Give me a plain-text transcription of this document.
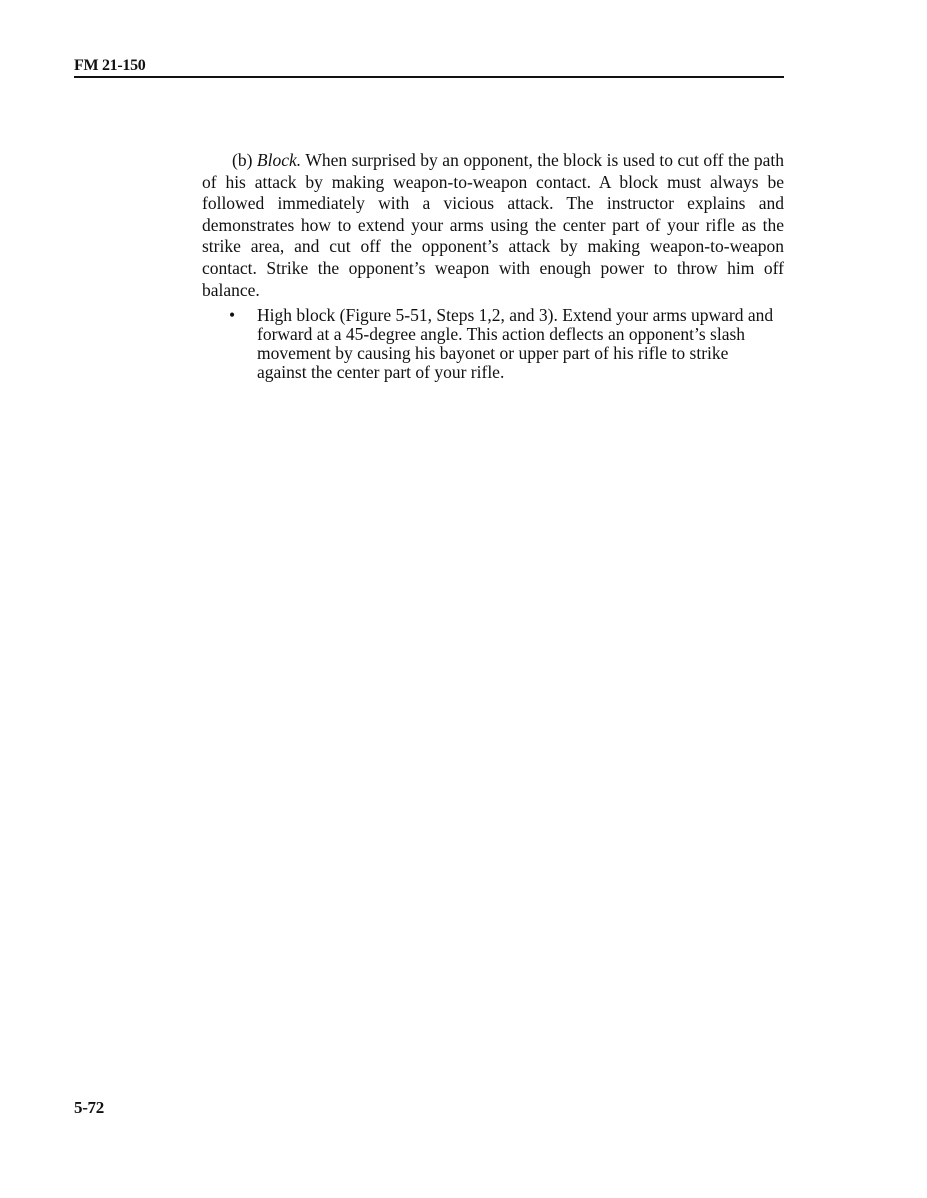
FM 21-150

(b) Block. When surprised by an opponent, the block is used to cut off the path of his attack by making weapon-to-weapon contact. A block must always be followed immediately with a vicious attack. The instructor explains and demonstrates how to extend your arms using the center part of your rifle as the strike area, and cut off the opponent’s attack by making weapon-to-weapon contact. Strike the opponent’s weapon with enough power to throw him off balance.

• High block (Figure 5-51, Steps 1,2, and 3). Extend your arms upward and forward at a 45-degree angle. This action deflects an opponent’s slash movement by causing his bayonet or upper part of his rifle to strike against the center part of your rifle.
5-72
